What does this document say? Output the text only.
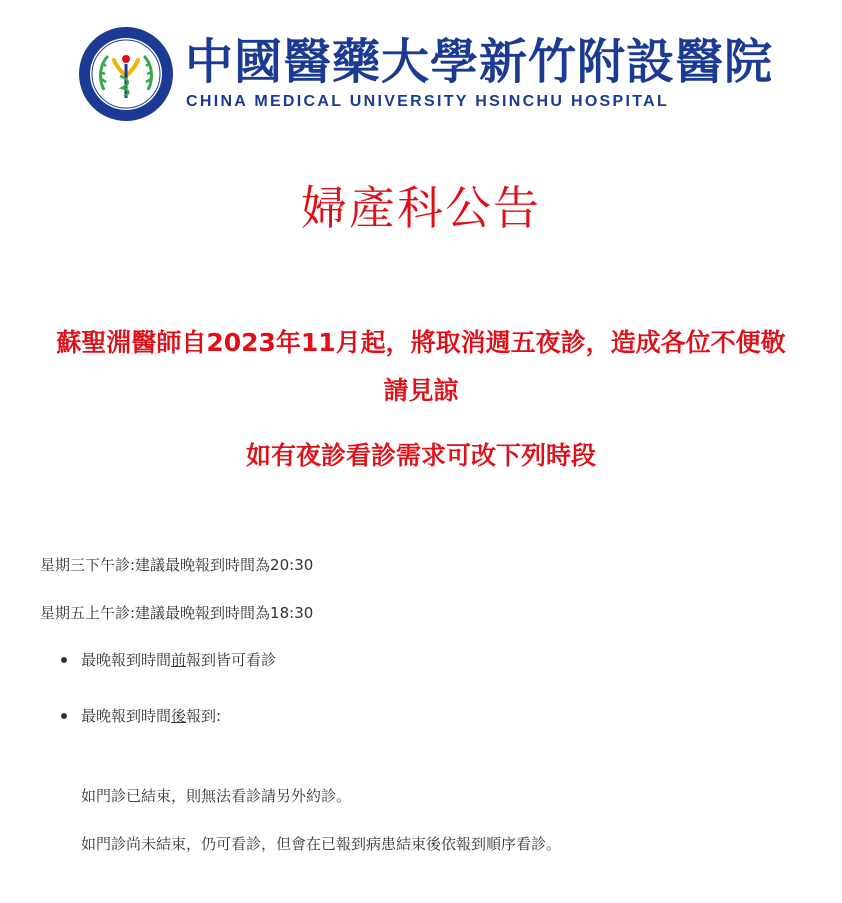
中國醫藥大學新竹附設醫院
CHINA MEDICAL UNIVERSITY HSINCHU HOSPITAL
婦產科公告
蘇聖淵醫師自2023年11月起，將取消週五夜診，造成各位不便敬
請見諒
如有夜診看診需求可改下列時段
星期三下午診:建議最晚報到時間為20:30
星期五上午診:建議最晚報到時間為18:30
最晚報到時間前報到皆可看診
最晚報到時間後報到:
如門診已結束，則無法看診請另外約診。
如門診尚未結束，仍可看診，但會在已報到病患結束後依報到順序看診。
